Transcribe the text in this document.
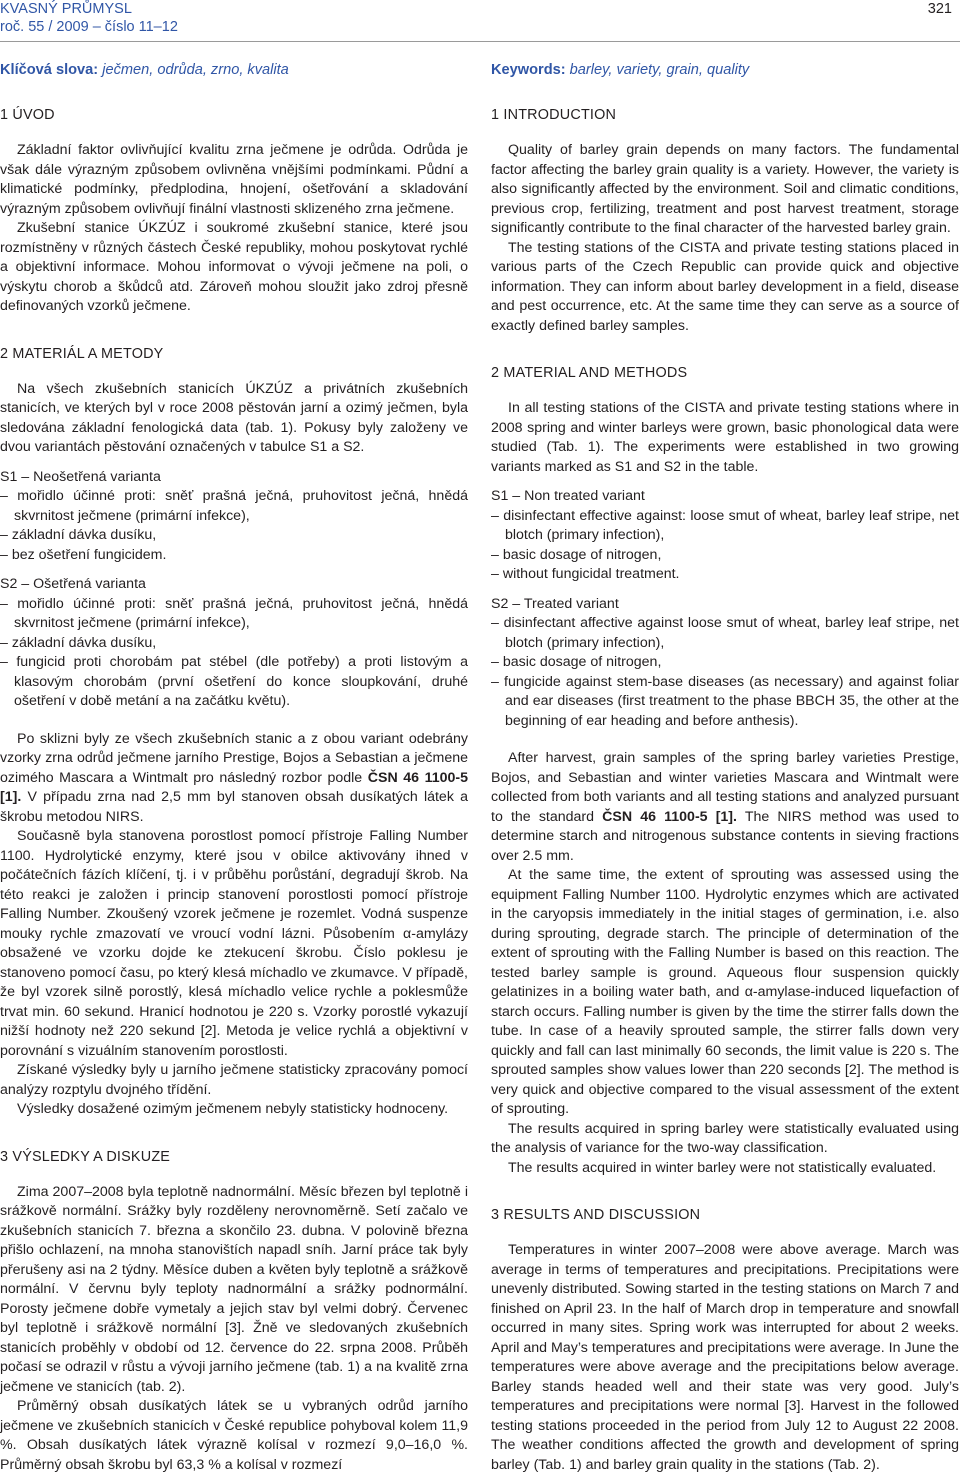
KVASNÝ PRŮMYSL
roč. 55 / 2009 – číslo 11–12
321

Klíčová slova: ječmen, odrůda, zrno, kvalita

1 ÚVOD

Základní faktor ovlivňující kvalitu zrna ječmene je odrůda. Odrůda je však dále výrazným způsobem ovlivněna vnějšími podmínkami. Půdní a klimatické podmínky, předplodina, hnojení, ošetřování a skladování výrazným způsobem ovlivňují finální vlastnosti sklizeného zrna ječmene.

Zkušební stanice ÚKZÚZ i soukromé zkušební stanice, které jsou rozmístněny v různých částech České republiky, mohou poskytovat rychlé a objektivní informace. Mohou informovat o vývoji ječmene na poli, o výskytu chorob a škůdců atd. Zároveň mohou sloužit jako zdroj přesně definovaných vzorků ječmene.

2 MATERIÁL A METODY

Na všech zkušebních stanicích ÚKZÚZ a privátních zkušebních stanicích, ve kterých byl v roce 2008 pěstován jarní a ozimý ječmen, byla sledována základní fenologická data (tab. 1). Pokusy byly založeny ve dvou variantách pěstování označených v tabulce S1 a S2.

S1 – Neošetřená varianta

– mořidlo účinné proti: sněť prašná ječná, pruhovitost ječná, hnědá skvrnitost ječmene (primární infekce),
– základní dávka dusíku,
– bez ošetření fungicidem.

S2 – Ošetřená varianta

– mořidlo účinné proti: sněť prašná ječná, pruhovitost ječná, hnědá skvrnitost ječmene (primární infekce),
– základní dávka dusíku,
– fungicid proti chorobám pat stébel (dle potřeby) a proti listovým a klasovým chorobám (první ošetření do konce sloupkování, druhé ošetření v době metání a na začátku květu).

Po sklizni byly ze všech zkušebních stanic a z obou variant odebrány vzorky zrna odrůd ječmene jarního Prestige, Bojos a Sebastian a ječmene ozimého Mascara a Wintmalt pro následný rozbor podle ČSN 46 1100-5 [1]. V případu zrna nad 2,5 mm byl stanoven obsah dusíkatých látek a škrobu metodou NIRS.

Současně byla stanovena porostlost pomocí přístroje Falling Number 1100. Hydrolytické enzymy, které jsou v obilce aktivovány ihned v počátečních fázích klíčení, tj. i v průběhu porůstání, degradují škrob. Na této reakci je založen i princip stanovení porostlosti pomocí přístroje Falling Number. Zkoušený vzorek ječmene je rozemlet. Vodná suspenze mouky rychle zmazovatí ve vroucí vodní lázni. Působením α-amylázy obsažené ve vzorku dojde ke ztekucení škrobu. Číslo poklesu je stanoveno pomocí času, po který klesá míchadlo ve zkumavce. V případě, že byl vzorek silně porostlý, klesá míchadlo velice rychle a poklesmůže trvat min. 60 sekund. Hranicí hodnotou je 220 s. Vzorky porostlé vykazují nižší hodnoty než 220 sekund [2]. Metoda je velice rychlá a objektivní v porovnání s vizuálním stanovením porostlosti.

Získané výsledky byly u jarního ječmene statisticky zpracovány pomocí analýzy rozptylu dvojného třídění.

Výsledky dosažené ozimým ječmenem nebyly statisticky hodnoceny.

3 VÝSLEDKY A DISKUZE

Zima 2007–2008 byla teplotně nadnormální. Měsíc březen byl teplotně i srážkově normální. Srážky byly rozděleny nerovnoměrně. Setí začalo ve zkušebních stanicích 7. března a skončilo 23. dubna. V polovině března přišlo ochlazení, na mnoha stanovištích napadl sníh. Jarní práce tak byly přerušeny asi na 2 týdny. Měsíce duben a květen byly teplotně a srážkově normální. V červnu byly teploty nadnormální a srážky podnormální. Porosty ječmene dobře vymetaly a jejich stav byl velmi dobrý. Červenec byl teplotně i srážkově normální [3]. Žně ve sledovaných zkušebních stanicích proběhly v období od 12. července do 22. srpna 2008. Průběh počasí se odrazil v růstu a vývoji jarního ječmene (tab. 1) a na kvalitě zrna ječmene ve stanicích (tab. 2).

Průměrný obsah dusíkatých látek se u vybraných odrůd jarního ječmene ve zkušebních stanicích v České republice pohyboval kolem 11,9 %. Obsah dusíkatých látek výrazně kolísal v rozmezí 9,0–16,0 %. Průměrný obsah škrobu byl 63,3 % a kolísal v rozmezí

Keywords: barley, variety, grain, quality

1 INTRODUCTION

Quality of barley grain depends on many factors. The fundamental factor affecting the barley grain quality is a variety. However, the variety is also significantly affected by the environment. Soil and climatic conditions, previous crop, fertilizing, treatment and post harvest treatment, storage significantly contribute to the final character of the harvested barley grain.

The testing stations of the CISTA and private testing stations placed in various parts of the Czech Republic can provide quick and objective information. They can inform about barley development in a field, disease and pest occurrence, etc. At the same time they can serve as a source of exactly defined barley samples.

2 MATERIAL AND METHODS

In all testing stations of the CISTA and private testing stations where in 2008 spring and winter barleys were grown, basic phonological data were studied (Tab. 1). The experiments were established in two growing variants marked as S1 and S2 in the table.

S1 – Non treated variant

– disinfectant effective against: loose smut of wheat, barley leaf stripe, net blotch (primary infection),
– basic dosage of nitrogen,
– without fungicidal treatment.

S2 – Treated variant

– disinfectant affective against loose smut of wheat, barley leaf stripe, net blotch (primary infection),
– basic dosage of nitrogen,
– fungicide against stem-base diseases (as necessary) and against foliar and ear diseases (first treatment to the phase BBCH 35, the other at the beginning of ear heading and before anthesis).

After harvest, grain samples of the spring barley varieties Prestige, Bojos, and Sebastian and winter varieties Mascara and Wintmalt were collected from both variants and all testing stations and analyzed pursuant to the standard ČSN 46 1100-5 [1]. The NIRS method was used to determine starch and nitrogenous substance contents in sieving fractions over 2.5 mm.

At the same time, the extent of sprouting was assessed using the equipment Falling Number 1100. Hydrolytic enzymes which are activated in the caryopsis immediately in the initial stages of germination, i.e. also during sprouting, degrade starch. The principle of determination of the extent of sprouting with the Falling Number is based on this reaction. The tested barley sample is ground. Aqueous flour suspension quickly gelatinizes in a boiling water bath, and α-amylase-induced liquefaction of starch occurs. Falling number is given by the time the stirrer falls down the tube. In case of a heavily sprouted sample, the stirrer falls down very quickly and fall can last minimally 60 seconds, the limit value is 220 s. The sprouted samples show values lower than 220 seconds [2]. The method is very quick and objective compared to the visual assessment of the extent of sprouting.

The results acquired in spring barley were statistically evaluated using the analysis of variance for the two-way classification.

The results acquired in winter barley were not statistically evaluated.

3 RESULTS AND DISCUSSION

Temperatures in winter 2007–2008 were above average. March was average in terms of temperatures and precipitations. Precipitations were unevenly distributed. Sowing started in the testing stations on March 7 and finished on April 23. In the half of March drop in temperature and snowfall occurred in many sites. Spring work was interrupted for about 2 weeks. April and May’s temperatures and precipitations were average. In June the temperatures were above average and the precipitations below average. Barley stands headed well and their state was very good. July’s temperatures and precipitations were normal [3]. Harvest in the followed testing stations proceeded in the period from July 12 to August 22 2008. The weather conditions affected the growth and development of spring barley (Tab. 1) and barley grain quality in the stations (Tab. 2).
